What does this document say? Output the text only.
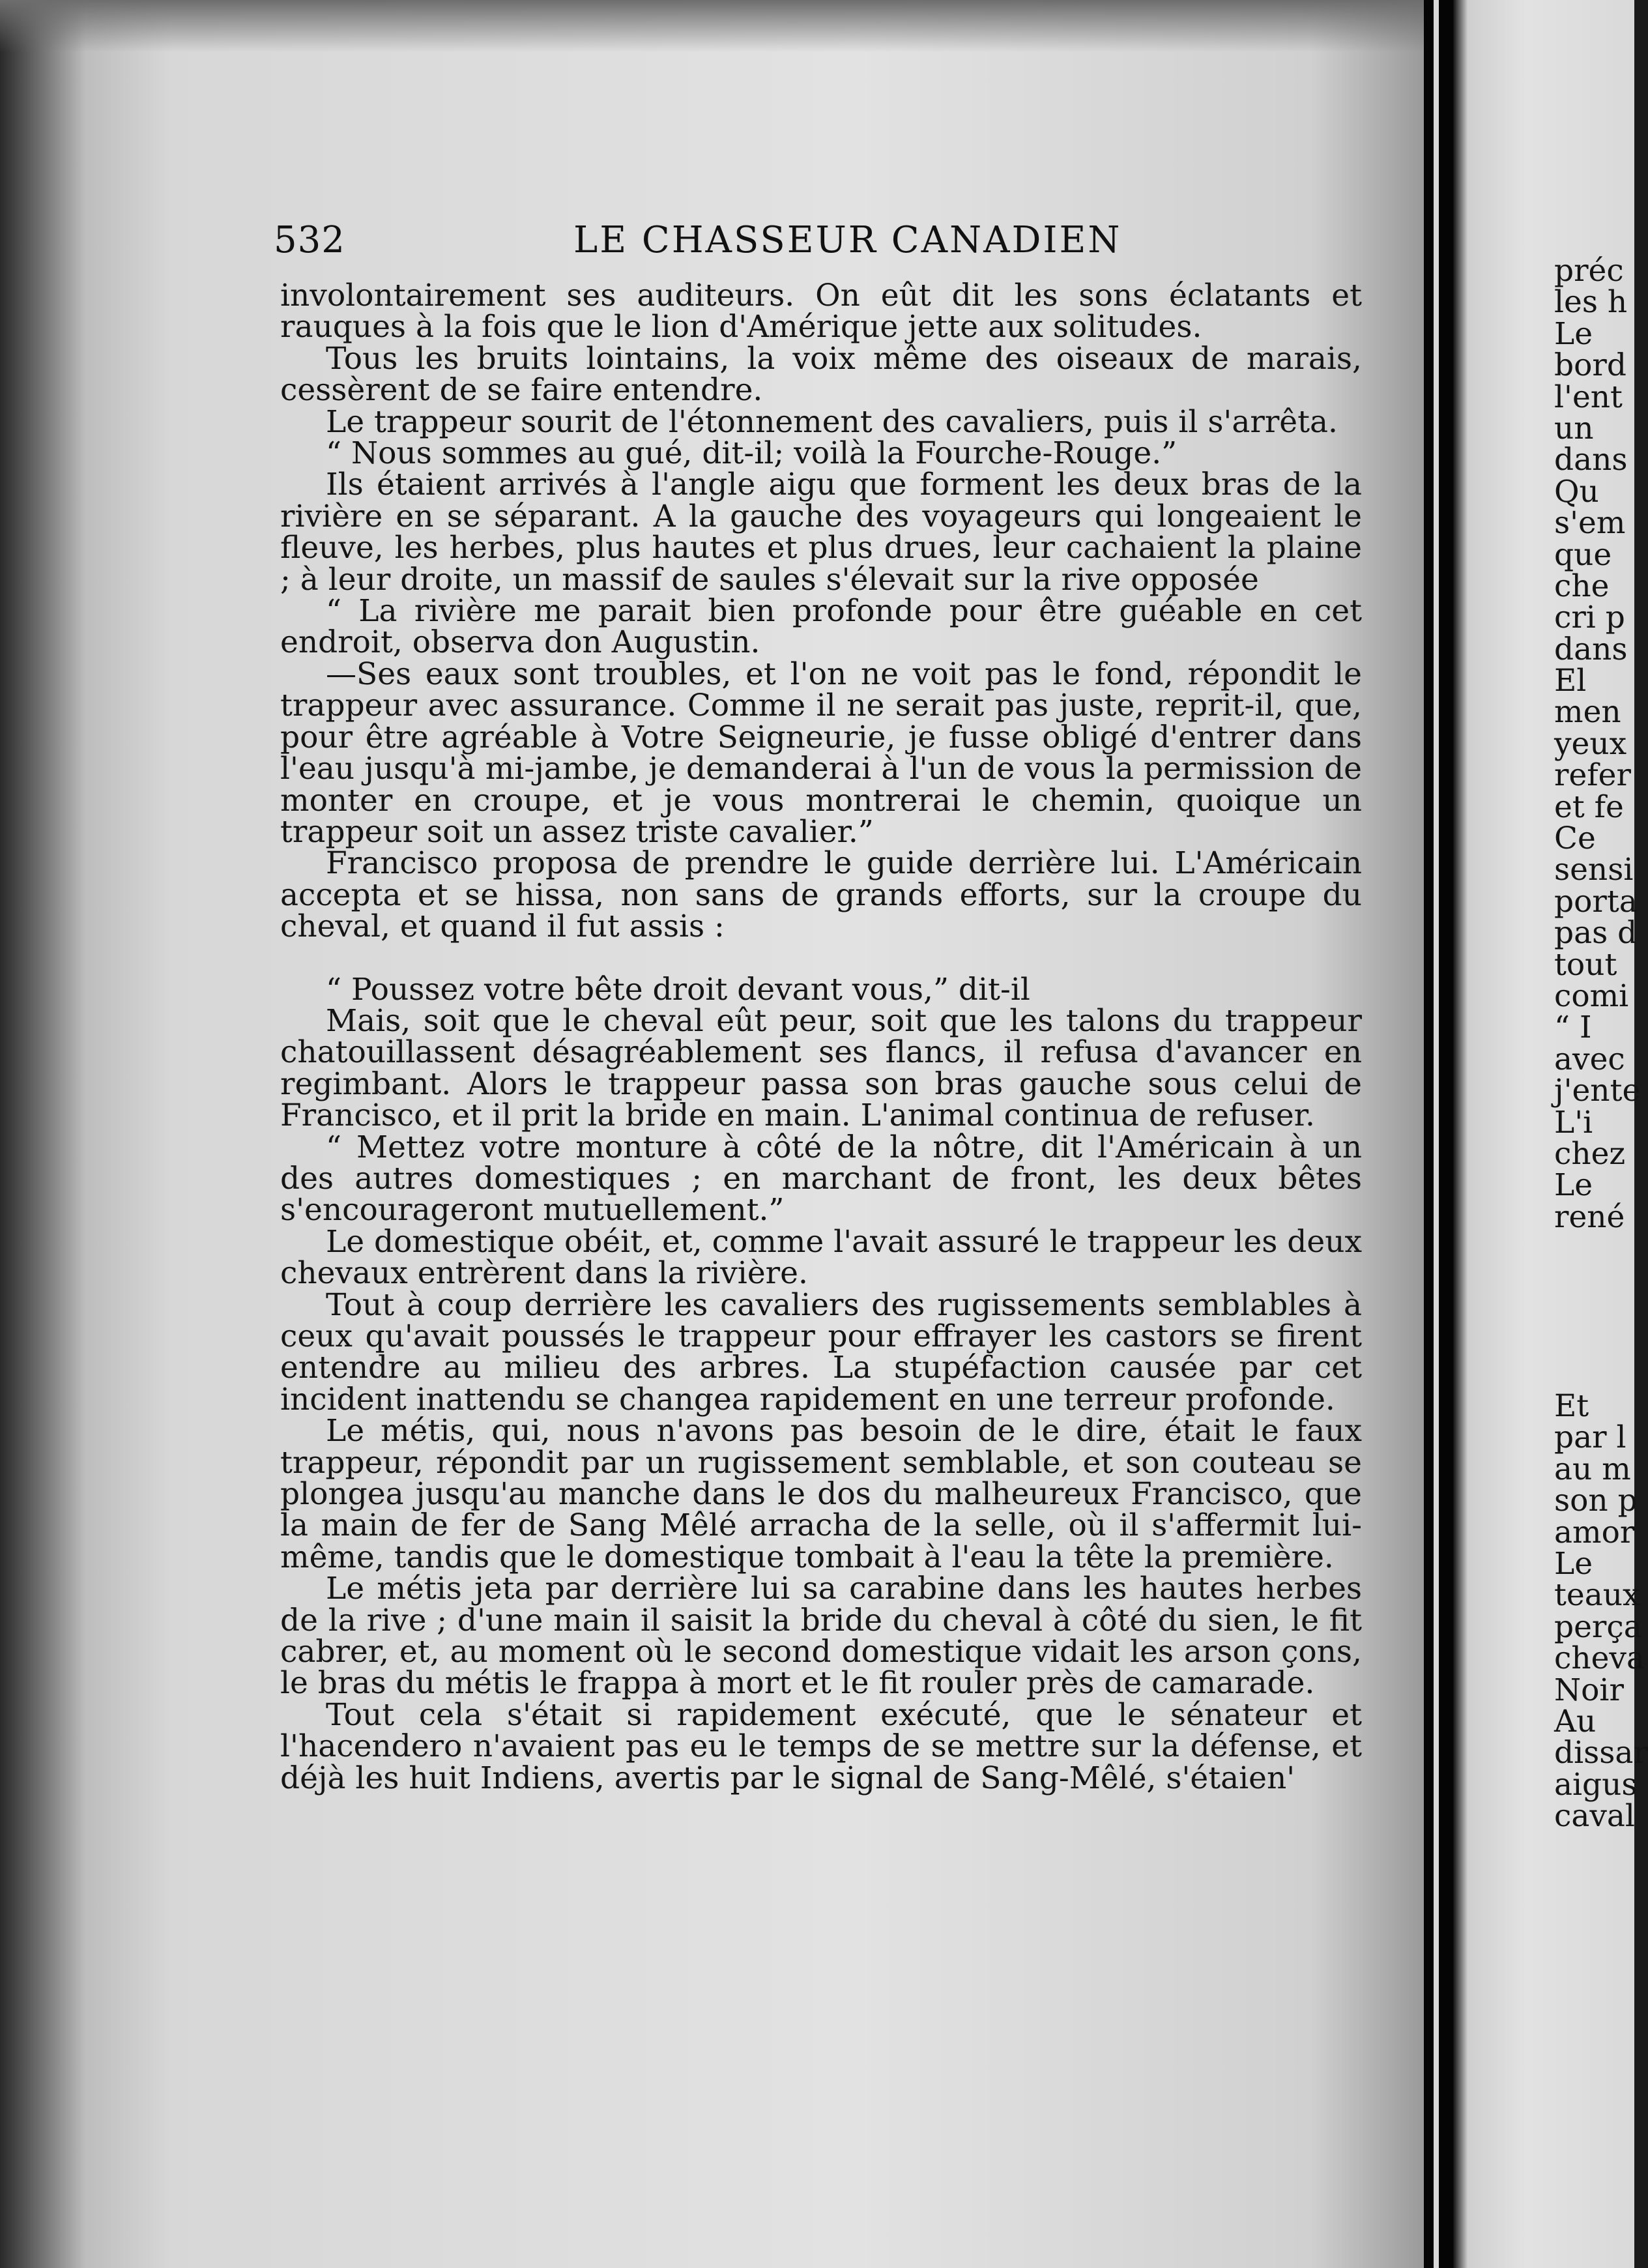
532	LE CHASSEUR CANADIEN

involontairement ses auditeurs. On eût dit les sons éclatants et rauques à la fois que le lion d'Amérique jette aux solitudes.

Tous les bruits lointains, la voix même des oiseaux de marais, cessèrent de se faire entendre.

Le trappeur sourit de l'étonnement des cavaliers, puis il s'arrêta.

“ Nous sommes au gué, dit-il; voilà la Fourche-Rouge.”

Ils étaient arrivés à l'angle aigu que forment les deux bras de la rivière en se séparant. A la gauche des voyageurs qui longeaient le fleuve, les herbes, plus hautes et plus drues, leur cachaient la plaine ; à leur droite, un massif de saules s'élevait sur la rive opposée

“ La rivière me parait bien profonde pour être guéable en cet endroit, observa don Augustin.

—Ses eaux sont troubles, et l'on ne voit pas le fond, répondit le trappeur avec assurance. Comme il ne serait pas juste, reprit-il, que, pour être agréable à Votre Seigneurie, je fusse obligé d'entrer dans l'eau jusqu'à mi-jambe, je demanderai à l'un de vous la permission de monter en croupe, et je vous montrerai le chemin, quoique un trappeur soit un assez triste cavalier.”

Francisco proposa de prendre le guide derrière lui. L'Américain accepta et se hissa, non sans de grands efforts, sur la croupe du cheval, et quand il fut assis :

“ Poussez votre bête droit devant vous,” dit-il

Mais, soit que le cheval eût peur, soit que les talons du trappeur chatouillassent désagréablement ses flancs, il refusa d'avancer en regimbant. Alors le trappeur passa son bras gauche sous celui de Francisco, et il prit la bride en main. L'animal continua de refuser.

“ Mettez votre monture à côté de la nôtre, dit l'Américain à un des autres domestiques ; en marchant de front, les deux bêtes s'encourageront mutuellement.”

Le domestique obéit, et, comme l'avait assuré le trappeur les deux chevaux entrèrent dans la rivière.

Tout à coup derrière les cavaliers des rugissements semblables à ceux qu'avait poussés le trappeur pour effrayer les castors se firent entendre au milieu des arbres. La stupéfaction causée par cet incident inattendu se changea rapidement en une terreur profonde.

Le métis, qui, nous n'avons pas besoin de le dire, était le faux trappeur, répondit par un rugissement semblable, et son couteau se plongea jusqu'au manche dans le dos du malheureux Francisco, que la main de fer de Sang Mêlé arracha de la selle, où il s'affermit lui-même, tandis que le domestique tombait à l'eau la tête la première.

Le métis jeta par derrière lui sa carabine dans les hautes herbes de la rive ; d'une main il saisit la bride du cheval à côté du sien, le fit cabrer, et, au moment où le second domestique vidait les arson çons, le bras du métis le frappa à mort et le fit rouler près de camarade.

Tout cela s'était si rapidement exécuté, que le sénateur et l'hacendero n'avaient pas eu le temps de se mettre sur la défense, et déjà les huit Indiens, avertis par le signal de Sang-Mêlé, s'étaien'

préc
les h
Le
bord
l'ent
un
dans
Qu
s'em
que
che
cri p
dans
El
men
yeux
refer
et fe
Ce
sensi
porta
pas d
tout
comi
“ I
avec
j'ente
L'i
chez
Le
rené
Et
par l
au m
son p
amor
Le
teaux
perça
cheva
Noir
Au
dissar
aigus
caval
